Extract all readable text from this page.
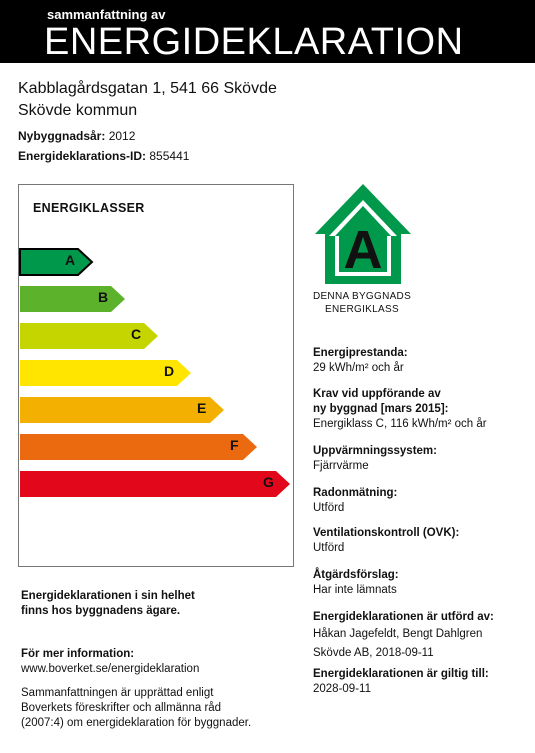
sammanfattning av
ENERGIDEKLARATION
Kabblagårdsgatan 1, 541 66 Skövde
Skövde kommun
Nybyggnadsår: 2012
Energideklarations-ID: 855441
ENERGIKLASSER
A
B
C
D
E
F
G
A
DENNA BYGGNADS
ENERGIKLASS
Energiprestanda:
29 kWh/m² och år
Krav vid uppförande av
ny byggnad [mars 2015]:
Energiklass C, 116 kWh/m² och år
Uppvärmningssystem:
Fjärrvärme
Radonmätning:
Utförd
Ventilationskontroll (OVK):
Utförd
Åtgärdsförslag:
Har inte lämnats
Energideklarationen är utförd av:
Håkan Jagefeldt, Bengt Dahlgren
Skövde AB, 2018-09-11
Energideklarationen är giltig till:
2028-09-11
Energideklarationen i sin helhet
finns hos byggnadens ägare.
För mer information:
www.boverket.se/energideklaration
Sammanfattningen är upprättad enligt
Boverkets föreskrifter och allmänna råd
(2007:4) om energideklaration för byggnader.
